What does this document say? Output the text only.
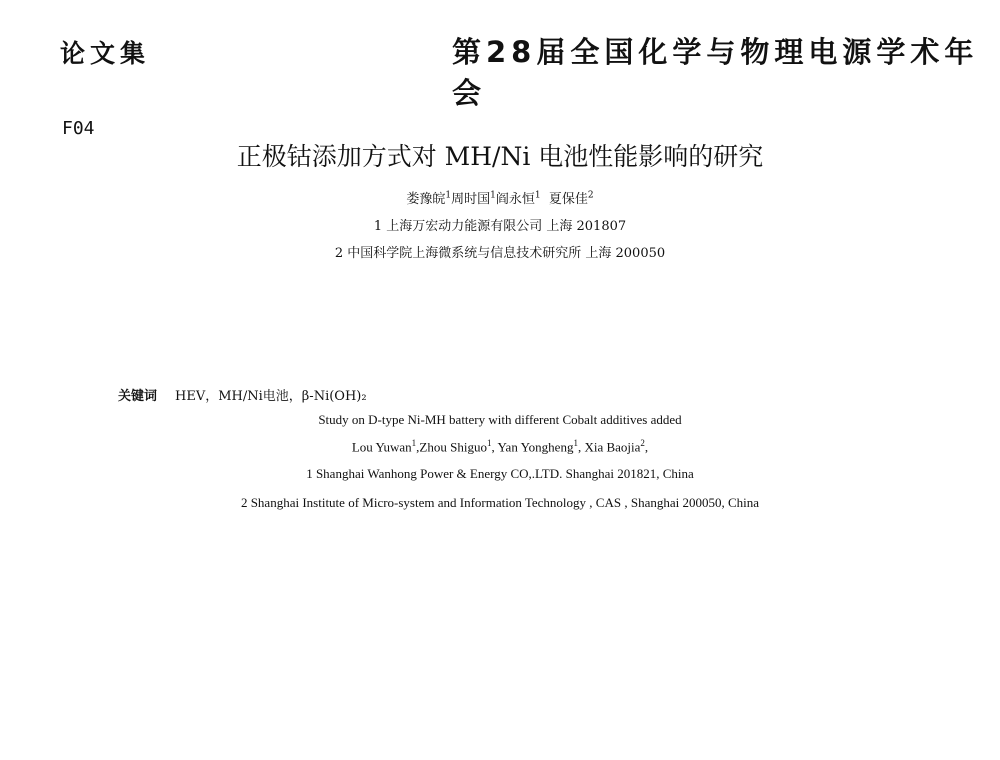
论文集	第28届全国化学与物理电源学术年会
F04
正极钴添加方式对 MH/Ni 电池性能影响的研究
娄豫皖$^1$周时国$^1$阎永恒$^1$ 夏保佳$^2$
1 上海万宏动力能源有限公司 上海 201807
2 中国科学院上海微系统与信息技术研究所 上海 200050
关键词 HEV，MH/Ni电池，β-Ni(OH)₂
Study on D-type Ni-MH battery with different Cobalt additives added
Lou Yuwan$^1$,Zhou Shiguo$^1$, Yan Yongheng$^1$, Xia Baojia$^2$,
1 Shanghai Wanhong Power & Energy CO,.LTD. Shanghai 201821, China
2 Shanghai Institute of Micro-system and Information Technology , CAS , Shanghai 200050, China
